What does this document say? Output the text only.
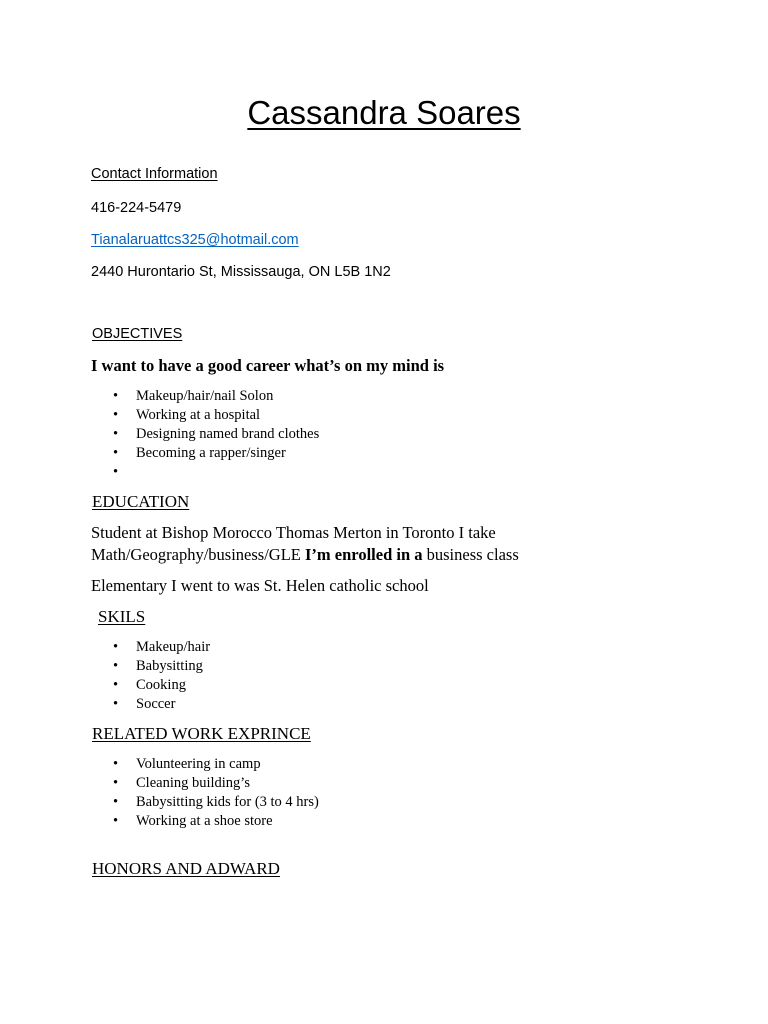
Cassandra Soares
Contact Information
416-224-5479
Tianalaruattcs325@hotmail.com
2440 Hurontario St, Mississauga, ON L5B 1N2
OBJECTIVES
I want to have a good career what’s on my mind is
• Makeup/hair/nail Solon
• Working at a hospital
• Designing named brand clothes
• Becoming a rapper/singer
•
EDUCATION
Student at Bishop Morocco Thomas Merton in Toronto I take
Math/Geography/business/GLE I’m enrolled in a business class
Elementary I went to was St. Helen catholic school
SKILS
• Makeup/hair
• Babysitting
• Cooking
• Soccer
RELATED WORK EXPRINCE
• Volunteering in camp
• Cleaning building’s
• Babysitting kids for (3 to 4 hrs)
• Working at a shoe store
HONORS AND ADWARD
